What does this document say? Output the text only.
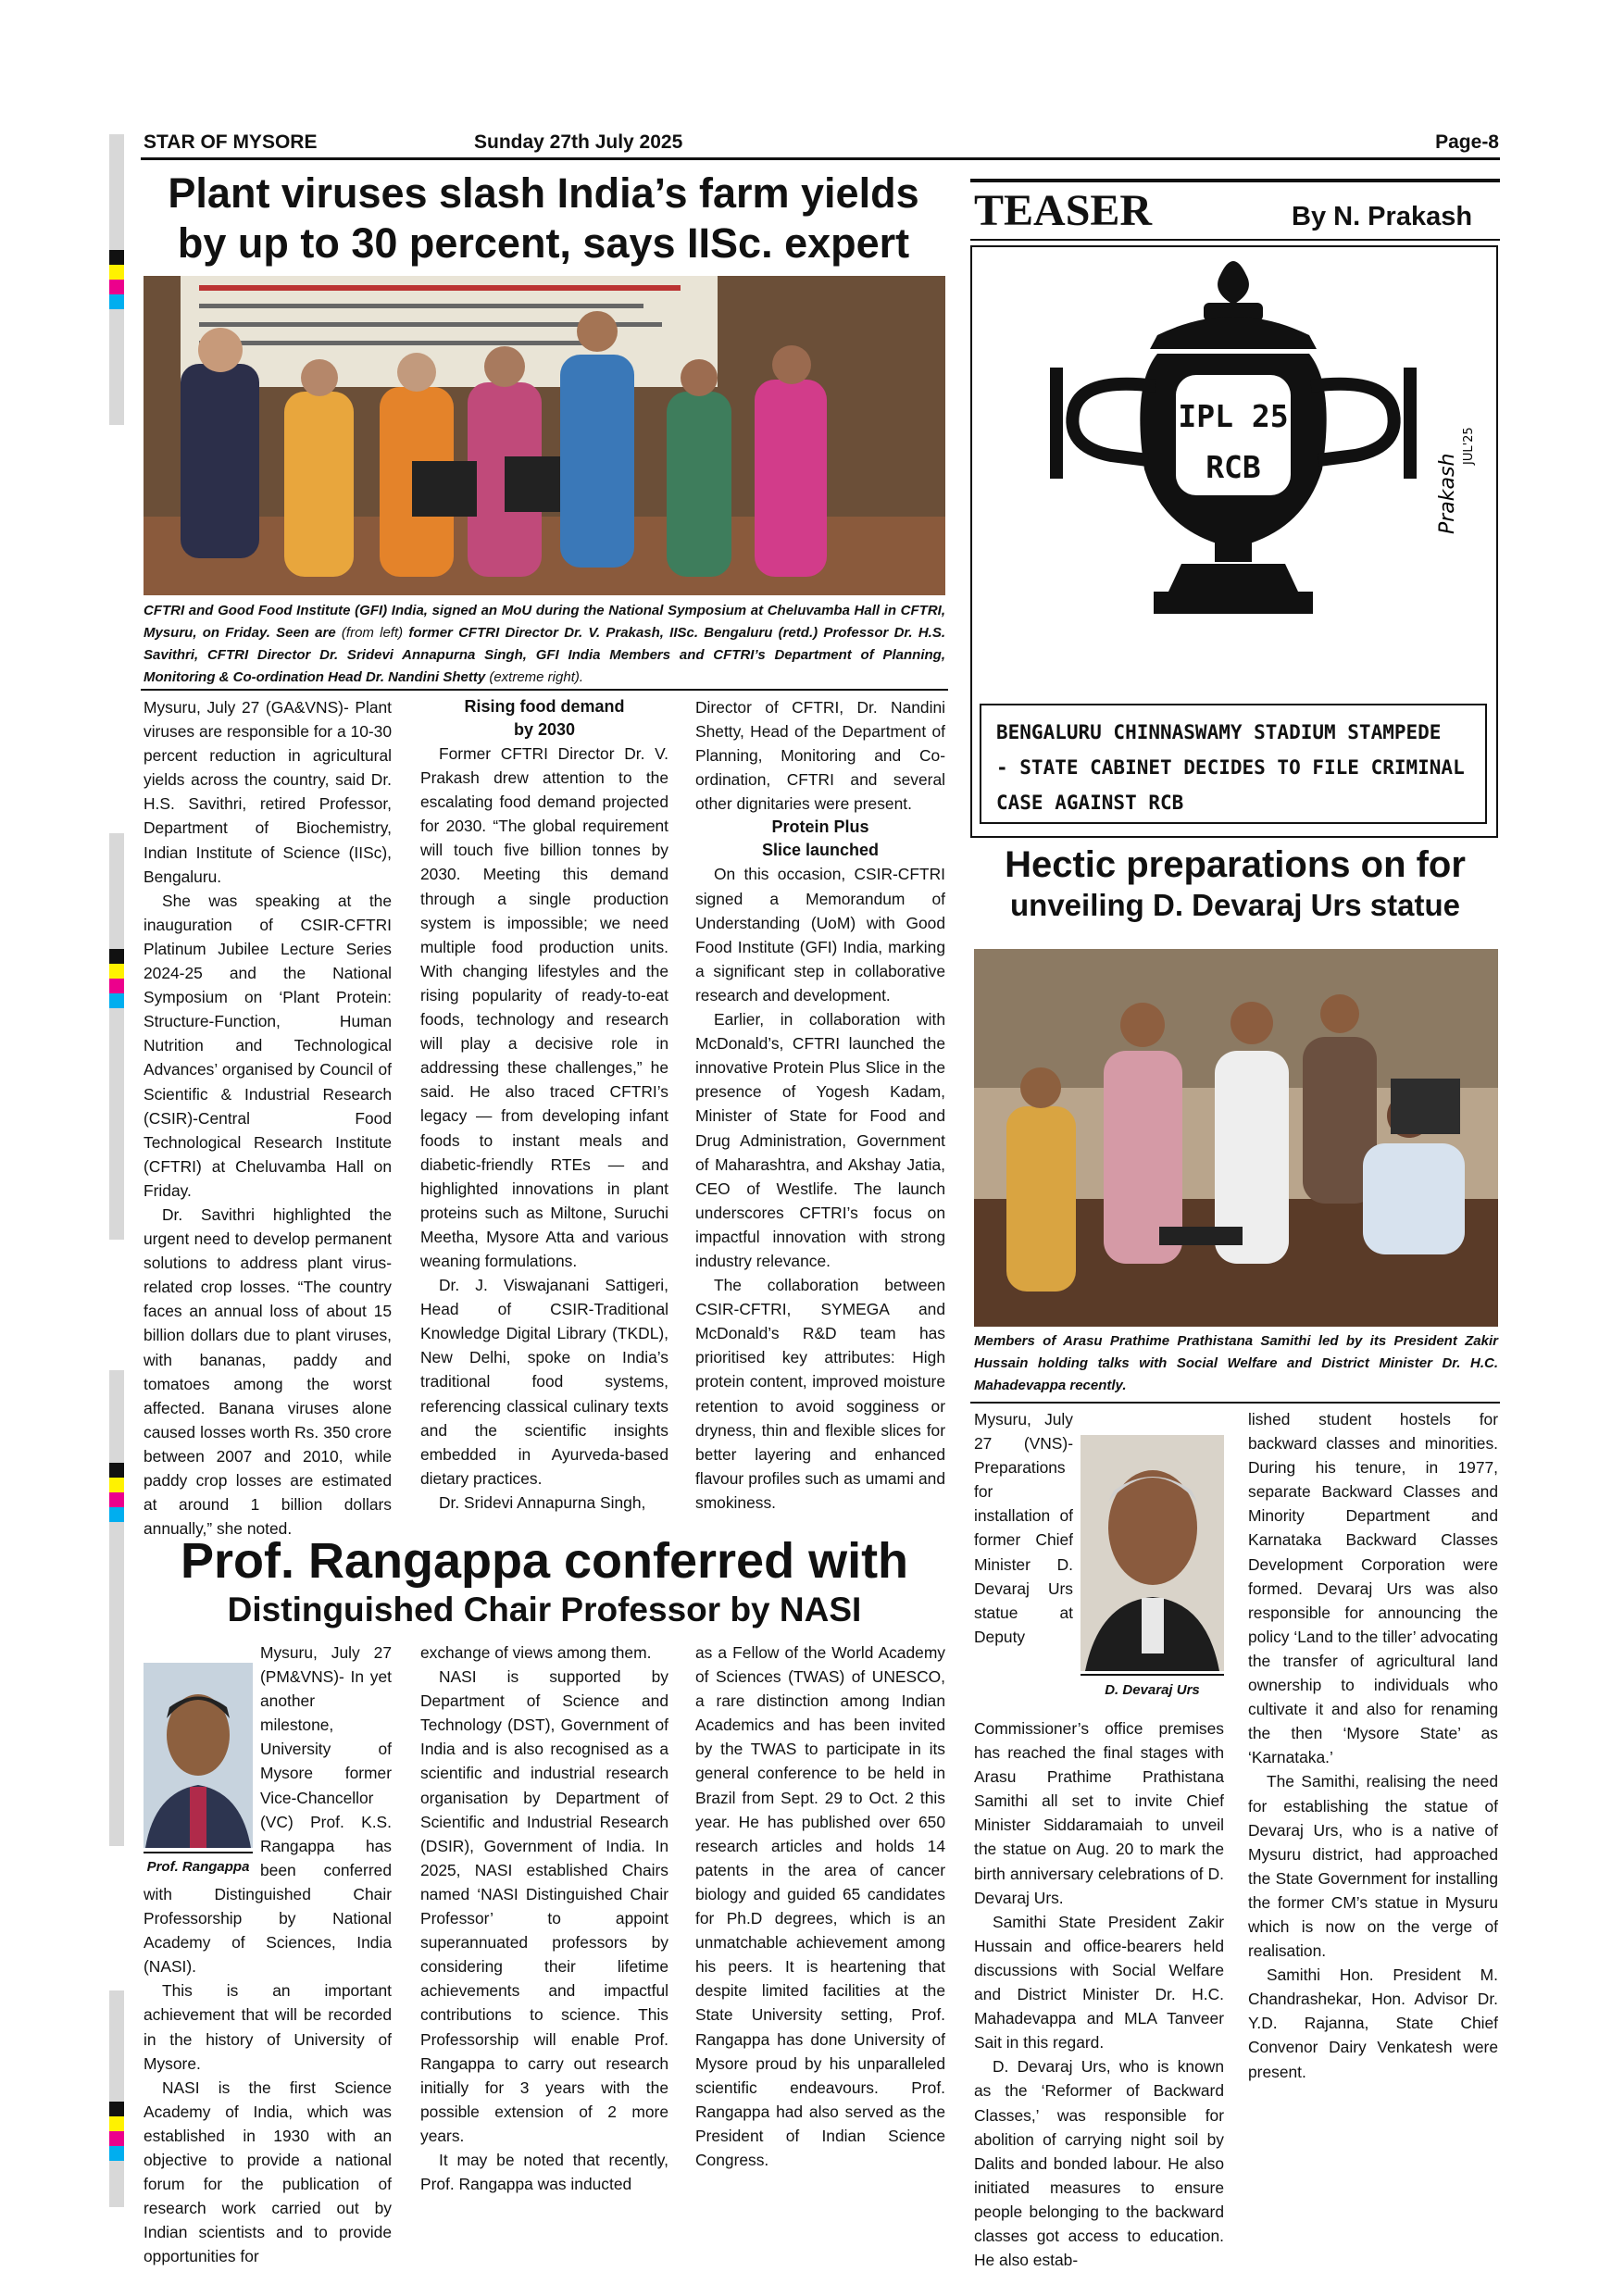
STAR OF MYSORE	Sunday 27th July 2025	Page-8
Plant viruses slash India’s farm yields
by up to 30 percent, says IISc. expert
CFTRI and Good Food Institute (GFI) India, signed an MoU during the National Symposium at Cheluvamba Hall in CFTRI, Mysuru, on Friday. Seen are (from left) former CFTRI Director Dr. V. Prakash, IISc. Bengaluru (retd.) Professor Dr. H.S. Savithri, CFTRI Director Dr. Sridevi Annapurna Singh, GFI India Members and CFTRI’s Department of Planning, Monitoring & Co-ordination Head Dr. Nandini Shetty (extreme right).

Mysuru, July 27 (GA&VNS)- Plant viruses are responsible for a 10-30 percent reduction in agricultural yields across the country, said Dr. H.S. Savithri, retired Professor, Department of Biochemistry, Indian Institute of Science (IISc), Bengaluru.

She was speaking at the inauguration of CSIR-CFTRI Platinum Jubilee Lecture Series 2024-25 and the National Symposium on ‘Plant Protein: Structure-Function, Human Nutrition and Technological Advances’ organised by Council of Scientific & Industrial Research (CSIR)-Central Food Technological Research Institute (CFTRI) at Cheluvamba Hall on Friday.

Dr. Savithri highlighted the urgent need to develop permanent solutions to address plant virus-related crop losses. “The country faces an annual loss of about 15 billion dollars due to plant viruses, with bananas, paddy and tomatoes among the worst affected. Banana viruses alone caused losses worth Rs. 350 crore between 2007 and 2010, while paddy crop losses are estimated at around 1 billion dollars annually,” she noted.

Rising food demand
by 2030

Former CFTRI Director Dr. V. Prakash drew attention to the escalating food demand projected for 2030. “The global requirement will touch five billion tonnes by 2030. Meeting this demand through a single production system is impossible; we need multiple food production units. With changing lifestyles and the rising popularity of ready-to-eat foods, technology and research will play a decisive role in addressing these challenges,” he said. He also traced CFTRI’s legacy — from developing infant foods to instant meals and diabetic-friendly RTEs — and highlighted innovations in plant proteins such as Miltone, Suruchi Meetha, Mysore Atta and various weaning formulations.

Dr. J. Viswajanani Sattigeri, Head of CSIR-Traditional Knowledge Digital Library (TKDL), New Delhi, spoke on India’s traditional food systems, referencing classical culinary texts and the scientific insights embedded in Ayurveda-based dietary practices.

Dr. Sridevi Annapurna Singh,

Director of CFTRI, Dr. Nandini Shetty, Head of the Department of Planning, Monitoring and Co-ordination, CFTRI and several other dignitaries were present.

Protein Plus
Slice launched

On this occasion, CSIR-CFTRI signed a Memorandum of Understanding (UoM) with Good Food Institute (GFI) India, marking a significant step in collaborative research and development.

Earlier, in collaboration with McDonald’s, CFTRI launched the innovative Protein Plus Slice in the presence of Yogesh Kadam, Minister of State for Food and Drug Administration, Government of Maharashtra, and Akshay Jatia, CEO of Westlife. The launch underscores CFTRI’s focus on impactful innovation with strong industry relevance.

The collaboration between CSIR-CFTRI, SYMEGA and McDonald’s R&D team has prioritised key attributes: High protein content, improved moisture retention to avoid sogginess or dryness, thin and flexible slices for better layering and enhanced flavour profiles such as umami and smokiness.

TEASER	By N. Prakash
Prakash
JUL'25
IPL 25
RCB
BENGALURU CHINNASWAMY STADIUM STAMPEDE
- STATE CABINET DECIDES TO FILE CRIMINAL
CASE AGAINST RCB
Hectic preparations on for
unveiling D. Devaraj Urs statue
Members of Arasu Prathime Prathistana Samithi led by its President Zakir Hussain holding talks with Social Welfare and District Minister Dr. H.C. Mahadevappa recently.
D. Devaraj Urs

Mysuru, July 27 (VNS)- Preparations for installation of former Chief Minister D. Devaraj Urs statue at Deputy Commissioner’s office premises has reached the final stages with Arasu Prathime Prathistana Samithi all set to invite Chief Minister Siddaramaiah to unveil the statue on Aug. 20 to mark the birth anniversary celebrations of D. Devaraj Urs.

Samithi State President Zakir Hussain and office-bearers held discussions with Social Welfare and District Minister Dr. H.C. Mahadevappa and MLA Tanveer Sait in this regard.

D. Devaraj Urs, who is known as the ‘Reformer of Backward Classes,’ was responsible for abolition of carrying night soil by Dalits and bonded labour. He also initiated measures to ensure people belonging to the backward classes got access to education. He also estab-

lished student hostels for backward classes and minorities. During his tenure, in 1977, separate Backward Classes and Minority Department and Karnataka Backward Classes Development Corporation were formed. Devaraj Urs was also responsible for announcing the policy ‘Land to the tiller’ advocating the transfer of agricultural land ownership to individuals who cultivate it and also for renaming the then ‘Mysore State’ as ‘Karnataka.’

The Samithi, realising the need for establishing the statue of Devaraj Urs, who is a native of Mysuru district, had approached the State Government for installing the former CM’s statue in Mysuru which is now on the verge of realisation.

Samithi Hon. President M. Chandrashekar, Hon. Advisor Dr. Y.D. Rajanna, State Chief Convenor Dairy Venkatesh were present.

Prof. Rangappa conferred with
Distinguished Chair Professor by NASI
Prof. Rangappa

Mysuru, July 27 (PM&VNS)- In yet another milestone, University of Mysore former Vice-Chancellor (VC) Prof. K.S. Rangappa has been conferred with Distinguished Chair Professorship by National Academy of Sciences, India (NASI).

This is an important achievement that will be recorded in the history of University of Mysore.

NASI is the first Science Academy of India, which was established in 1930 with an objective to provide a national forum for the publication of research work carried out by Indian scientists and to provide opportunities for

exchange of views among them.

NASI is supported by Department of Science and Technology (DST), Government of India and is also recognised as a scientific and industrial research organisation by Department of Scientific and Industrial Research (DSIR), Government of India. In 2025, NASI established Chairs named ‘NASI Distinguished Chair Professor’ to appoint superannuated professors by considering their lifetime achievements and impactful contributions to science. This Professorship will enable Prof. Rangappa to carry out research initially for 3 years with the possible extension of 2 more years.

It may be noted that recently, Prof. Rangappa was inducted

as a Fellow of the World Academy of Sciences (TWAS) of UNESCO, a rare distinction among Indian Academics and has been invited by the TWAS to participate in its general conference to be held in Brazil from Sept. 29 to Oct. 2 this year. He has published over 650 research articles and holds 14 patents in the area of cancer biology and guided 65 candidates for Ph.D degrees, which is an unmatchable achievement among his peers. It is heartening that despite limited facilities at the State University setting, Prof. Rangappa has done University of Mysore proud by his unparalleled scientific endeavours. Prof. Rangappa had also served as the President of Indian Science Congress.
